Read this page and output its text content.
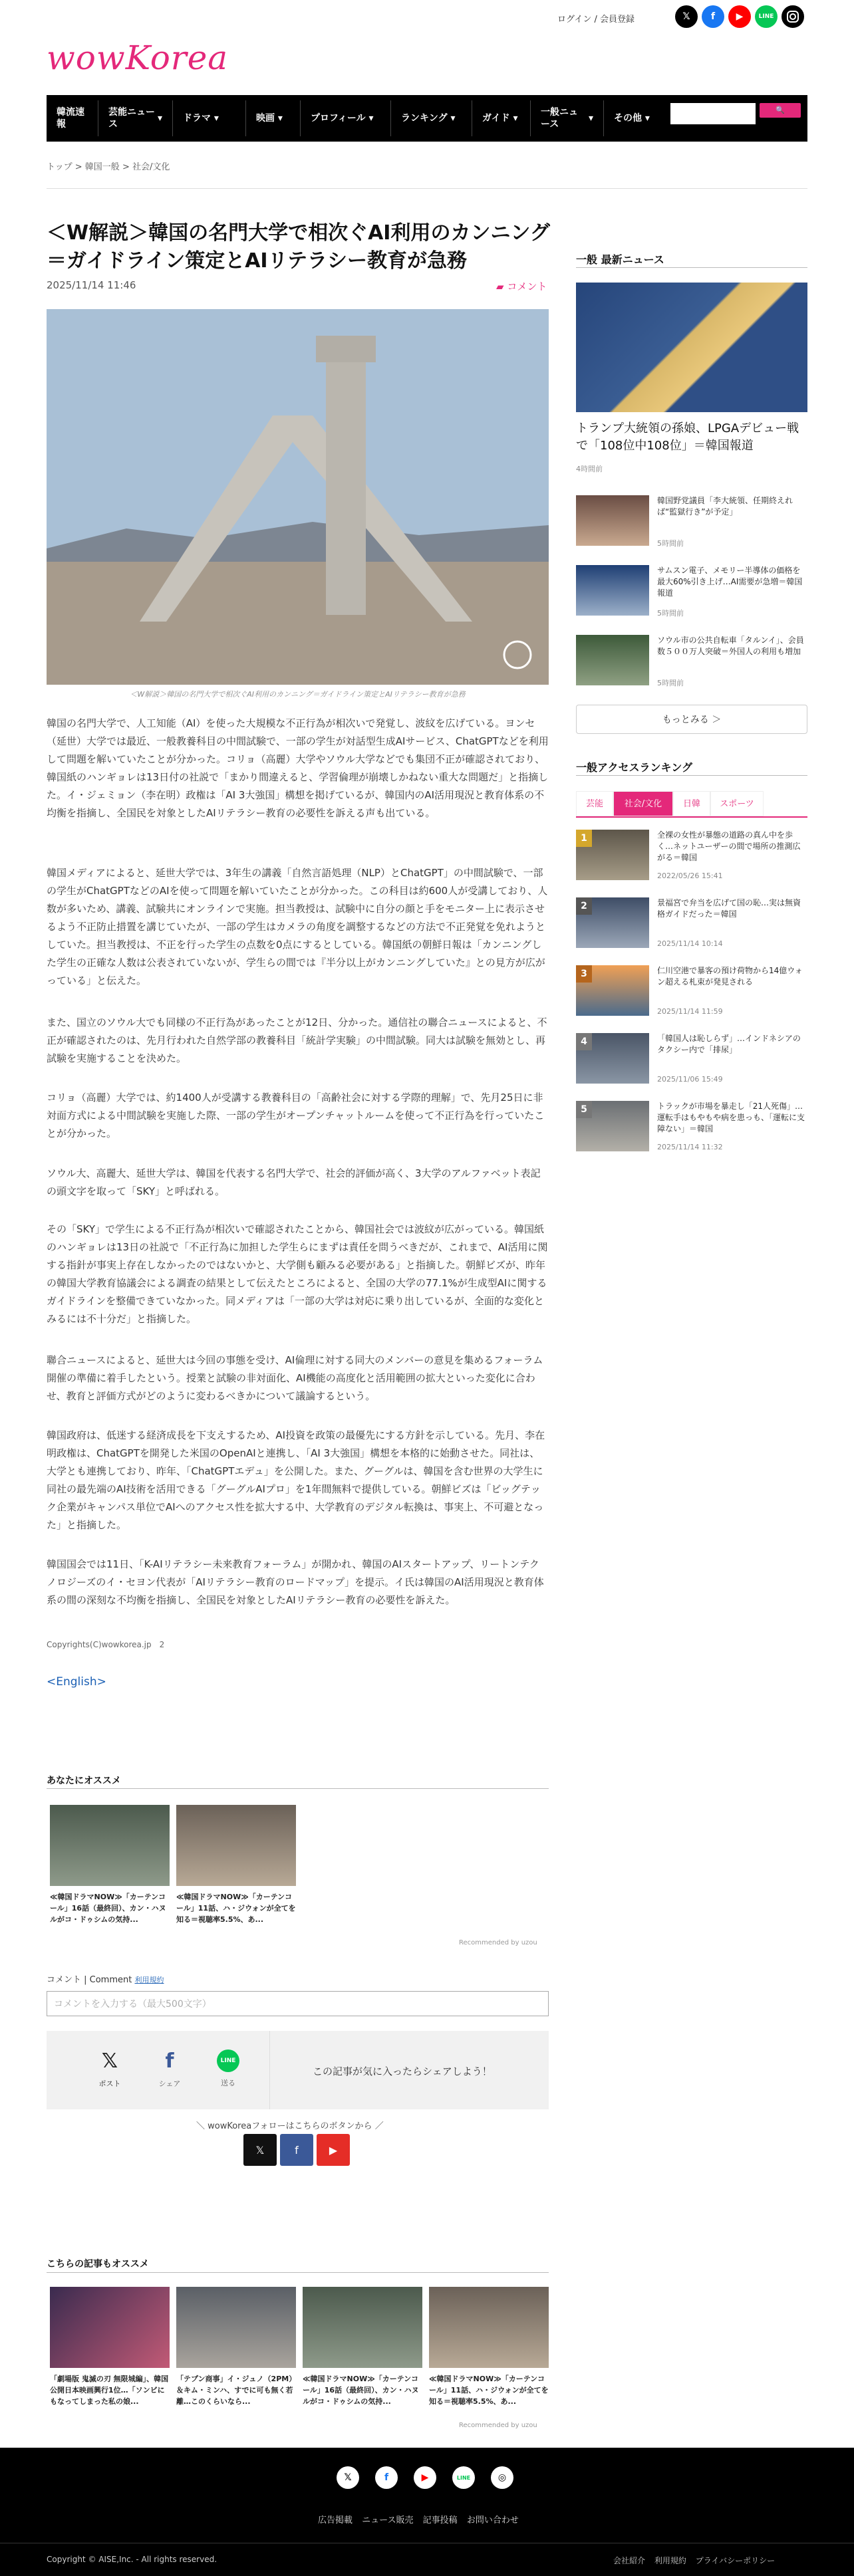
ログイン / 会員登録	𝕏	f	▶	LINE
wowKorea
韓流速報
芸能ニュース
▾	ドラマ ▾	映画 ▾	プロフィール ▾	ランキング ▾	ガイド ▾
一般ニュース
▾	その他 ▾
🔍
トップ > 韓国一般 > 社会/文化
＜W解説＞韓国の名門大学で相次ぐAI利用のカンニング＝ガイドライン策定とAIリテラシー教育が急務
2025/11/14 11:46	▰ コメント
＜W解説＞韓国の名門大学で相次ぐAI利用のカンニング＝ガイドライン策定とAIリテラシー教育が急務

韓国の名門大学で、人工知能（AI）を使った大規模な不正行為が相次いで発覚し、波紋を広げている。ヨンセ（延世）大学では最近、一般教養科目の中間試験で、一部の学生が対話型生成AIサービス、ChatGPTなどを利用して問題を解いていたことが分かった。コリョ（高麗）大学やソウル大学などでも集団不正が確認されており、韓国紙のハンギョレは13日付の社説で「まかり間違えると、学習倫理が崩壊しかねない重大な問題だ」と指摘した。イ・ジェミョン（李在明）政権は「AI 3大強国」構想を掲げているが、韓国内のAI活用現況と教育体系の不均衡を指摘し、全国民を対象としたAIリテラシー教育の必要性を訴える声も出ている。

韓国メディアによると、延世大学では、3年生の講義「自然言語処理（NLP）とChatGPT」の中間試験で、一部の学生がChatGPTなどのAIを使って問題を解いていたことが分かった。この科目は約600人が受講しており、人数が多いため、講義、試験共にオンラインで実施。担当教授は、試験中に自分の顔と手をモニター上に表示させるよう不正防止措置を講じていたが、一部の学生はカメラの角度を調整するなどの方法で不正発覚を免れようとしていた。担当教授は、不正を行った学生の点数を0点にするとしている。韓国紙の朝鮮日報は「カンニングした学生の正確な人数は公表されていないが、学生らの間では『半分以上がカンニングしていた』との見方が広がっている」と伝えた。

また、国立のソウル大でも同様の不正行為があったことが12日、分かった。通信社の聯合ニュースによると、不正が確認されたのは、先月行われた自然学部の教養科目「統計学実験」の中間試験。同大は試験を無効とし、再試験を実施することを決めた。

コリョ（高麗）大学では、約1400人が受講する教養科目の「高齢社会に対する学際的理解」で、先月25日に非対面方式による中間試験を実施した際、一部の学生がオープンチャットルームを使って不正行為を行っていたことが分かった。

ソウル大、高麗大、延世大学は、韓国を代表する名門大学で、社会的評価が高く、3大学のアルファベット表記の頭文字を取って「SKY」と呼ばれる。

その「SKY」で学生による不正行為が相次いで確認されたことから、韓国社会では波紋が広がっている。韓国紙のハンギョレは13日の社説で「不正行為に加担した学生らにまずは責任を問うべきだが、これまで、AI活用に関する指針が事実上存在しなかったのではないかと、大学側も顧みる必要がある」と指摘した。朝鮮ビズが、昨年の韓国大学教育協議会による調査の結果として伝えたところによると、全国の大学の77.1%が生成型AIに関するガイドラインを整備できていなかった。同メディアは「一部の大学は対応に乗り出しているが、全面的な変化とみるには不十分だ」と指摘した。

聯合ニュースによると、延世大は今回の事態を受け、AI倫理に対する同大のメンバーの意見を集めるフォーラム開催の準備に着手したという。授業と試験の非対面化、AI機能の高度化と活用範囲の拡大といった変化に合わせ、教育と評価方式がどのように変わるべきかについて議論するという。

韓国政府は、低迷する経済成長を下支えするため、AI投資を政策の最優先にする方針を示している。先月、李在明政権は、ChatGPTを開発した米国のOpenAIと連携し、「AI 3大強国」構想を本格的に始動させた。同社は、大学とも連携しており、昨年、「ChatGPTエデュ」を公開した。また、グーグルは、韓国を含む世界の大学生に同社の最先端のAI技術を活用できる「グーグルAIプロ」を1年間無料で提供している。朝鮮ビズは「ビッグテック企業がキャンパス単位でAIへのアクセス性を拡大する中、大学教育のデジタル転換は、事実上、不可避となった」と指摘した。

韓国国会では11日、「K-AIリテラシー未来教育フォーラム」が開かれ、韓国のAIスタートアップ、リートンテクノロジーズのイ・セヨン代表が「AIリテラシー教育のロードマップ」を提示。イ氏は韓国のAI活用現況と教育体系の間の深刻な不均衡を指摘し、全国民を対象としたAIリテラシー教育の必要性を訴えた。

Copyrights(C)wowkorea.jp　2
<English>
あなたにオススメ
≪韓国ドラマNOW≫「カーテンコール」16話（最終回）、カン・ハヌルがコ・ドゥシムの気持...
≪韓国ドラマNOW≫「カーテンコール」11話、ハ・ジウォンが全てを知る＝視聴率5.5%、あ...
Recommended by uzou
コメント | Comment 利用規約
コメントを入力する（最大500文字）
𝕏
ポスト
f
シェア
LINE
送る
この記事が気に入ったらシェアしよう！
＼ wowKoreaフォローはこちらのボタンから ／
𝕏	f	▶
こちらの記事もオススメ
「劇場版 鬼滅の刃 無限城編」、韓国公開日本映画興行1位…「ソンビにもなってしまった私の娘...
「テプン商事」イ・ジュノ（2PM）＆キム・ミンハ、すでに可も無く若離…このくらいなら...
≪韓国ドラマNOW≫「カーテンコール」16話（最終回）、カン・ハヌルがコ・ドゥシムの気持...
≪韓国ドラマNOW≫「カーテンコール」11話、ハ・ジウォンが全てを知る＝視聴率5.5%、あ...
Recommended by uzou
一般 最新ニュース
トランプ大統領の孫娘、LPGAデビュー戦で「108位中108位」＝韓国報道
4時間前
韓国野党議員「李大統領、任期終えれば“監獄行き”が予定」
5時間前
サムスン電子、メモリー半導体の価格を最大60%引き上げ…AI需要が急増＝韓国報道
5時間前
ソウル市の公共自転車「タルンイ」、会員数５００万人突破＝外国人の利用も増加
5時間前
もっとみる ＞
一般アクセスランキング
芸能	社会/文化	日韓	スポーツ
1	全裸の女性が暴態の道路の真ん中を歩く…ネットユーザーの間で場所の推測広がる＝韓国
2022/05/26 15:41
2	景福宮で弁当を広げて国の恥…実は無資格ガイドだった＝韓国
2025/11/14 10:14
3	仁川空港で暴客の預け荷物から14億ウォン超える札束が発見される
2025/11/14 11:59
4	「韓国人は恥しらず」…インドネシアのタクシー内で「排尿」
2025/11/06 15:49
5	トラックが市場を暴走し「21人死傷」…運転手はもやもや病を患っも、「運転に支障ない」＝韓国
2025/11/14 11:32
𝕏	f	▶	LINE	◎
広告掲載 ニュース販売 記事投稿 お問い合わせ
Copyright © AISE,Inc. - All rights reserved.	会社紹介 利用規約 プライバシーポリシー
